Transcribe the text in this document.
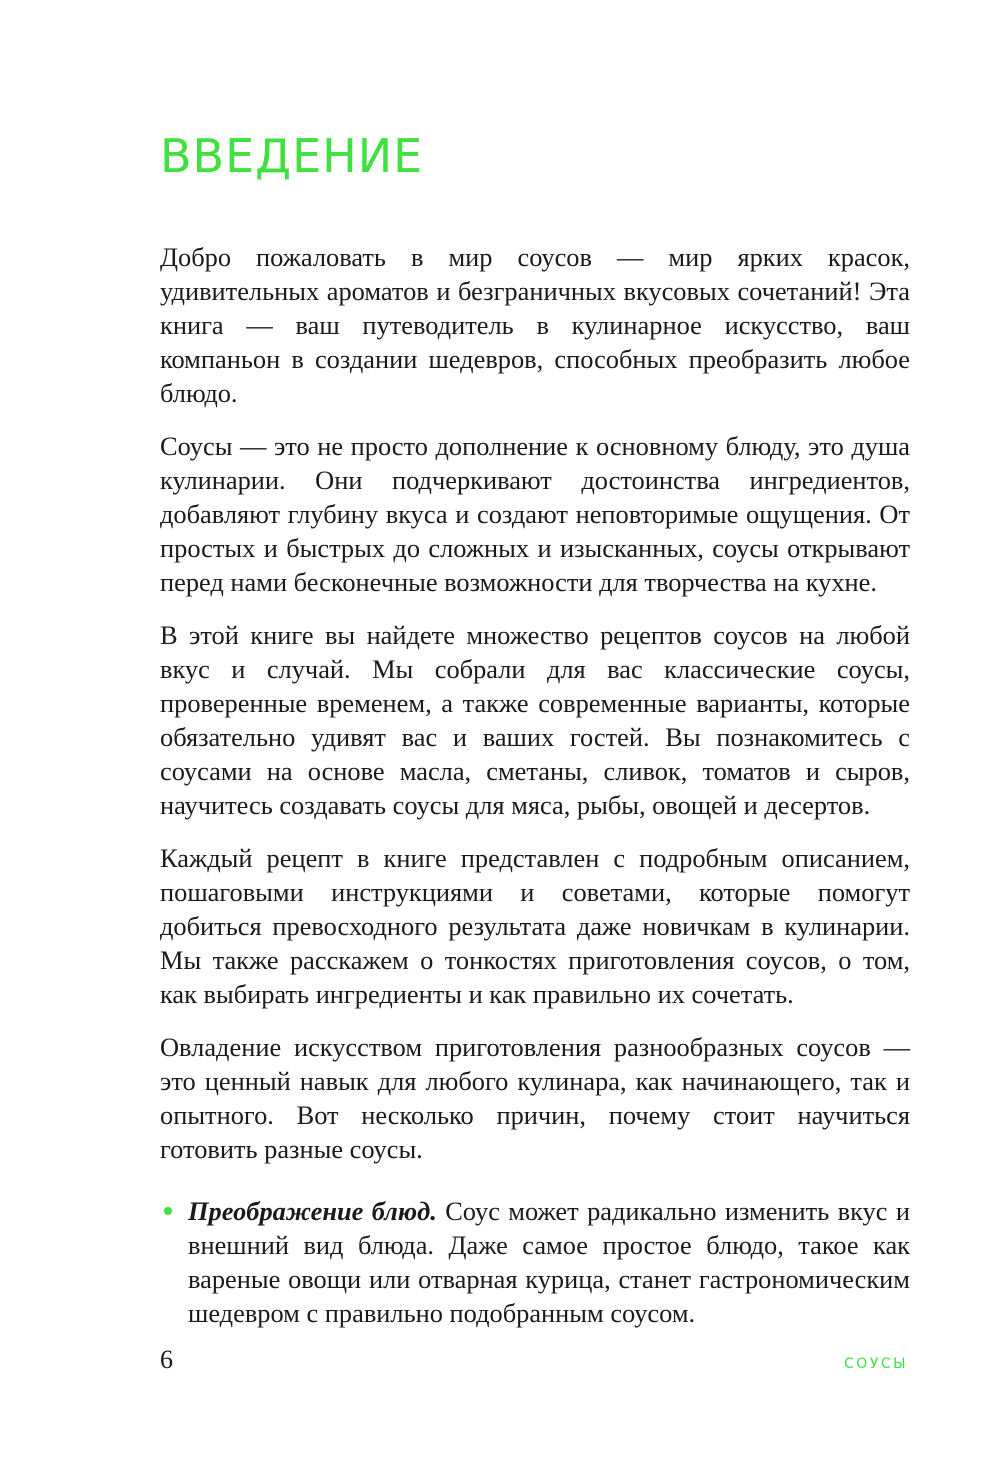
ВВЕДЕНИЕ

Добро пожаловать в мир соусов — мир ярких красок, удивительных ароматов и безграничных вкусовых сочетаний! Эта книга — ваш путеводитель в кулинарное искусство, ваш компаньон в создании шедевров, способных преобразить любое блюдо.

Соусы — это не просто дополнение к основному блюду, это душа кулинарии. Они подчеркивают достоинства ингредиентов, добавляют глубину вкуса и создают неповторимые ощущения. От простых и быстрых до сложных и изысканных, соусы открывают перед нами бесконечные возможности для творчества на кухне.

В этой книге вы найдете множество рецептов соусов на любой вкус и случай. Мы собрали для вас классические соусы, проверенные временем, а также современные варианты, которые обязательно удивят вас и ваших гостей. Вы познакомитесь с соусами на основе масла, сметаны, сливок, томатов и сыров, научитесь создавать соусы для мяса, рыбы, овощей и десертов.

Каждый рецепт в книге представлен с подробным описанием, пошаговыми инструкциями и советами, которые помогут добиться превосходного результата даже новичкам в кулинарии. Мы также расскажем о тонкостях приготовления соусов, о том, как выбирать ингредиенты и как правильно их сочетать.

Овладение искусством приготовления разнообразных соусов — это ценный навык для любого кулинара, как начинающего, так и опытного. Вот несколько причин, почему стоит научиться готовить разные соусы.

Преображение блюд. Соус может радикально изменить вкус и внешний вид блюда. Даже самое простое блюдо, такое как вареные овощи или отварная курица, станет гастрономическим шедевром с правильно подобранным соусом.
6	СОУСЫ
